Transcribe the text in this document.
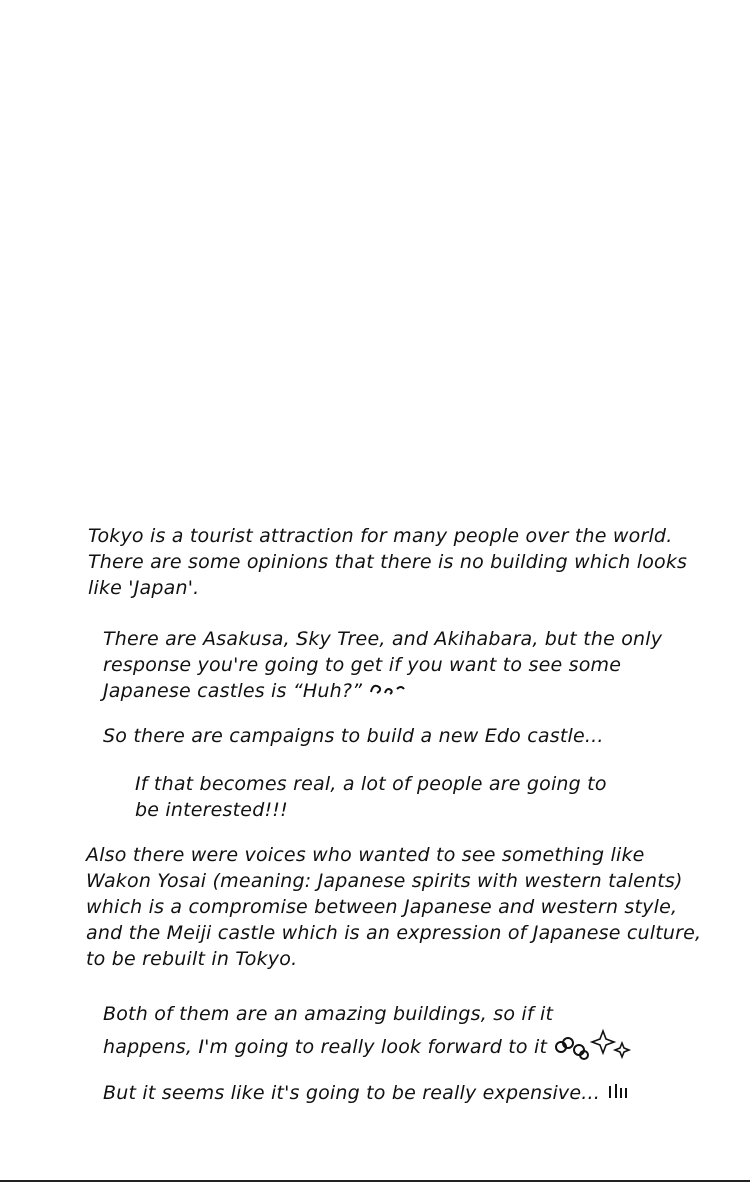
Tokyo is a tourist attraction for many people over the world.
There are some opinions that there is no building which looks
like 'Japan'.
There are Asakusa, Sky Tree, and Akihabara, but the only
response you're going to get if you want to see some
Japanese castles is “Huh?”
So there are campaigns to build a new Edo castle...
If that becomes real, a lot of people are going to
be interested!!!
Also there were voices who wanted to see something like
Wakon Yosai (meaning: Japanese spirits with western talents)
which is a compromise between Japanese and western style,
and the Meiji castle which is an expression of Japanese culture,
to be rebuilt in Tokyo.
Both of them are an amazing buildings, so if it
happens, I'm going to really look forward to it
But it seems like it's going to be really expensive...
